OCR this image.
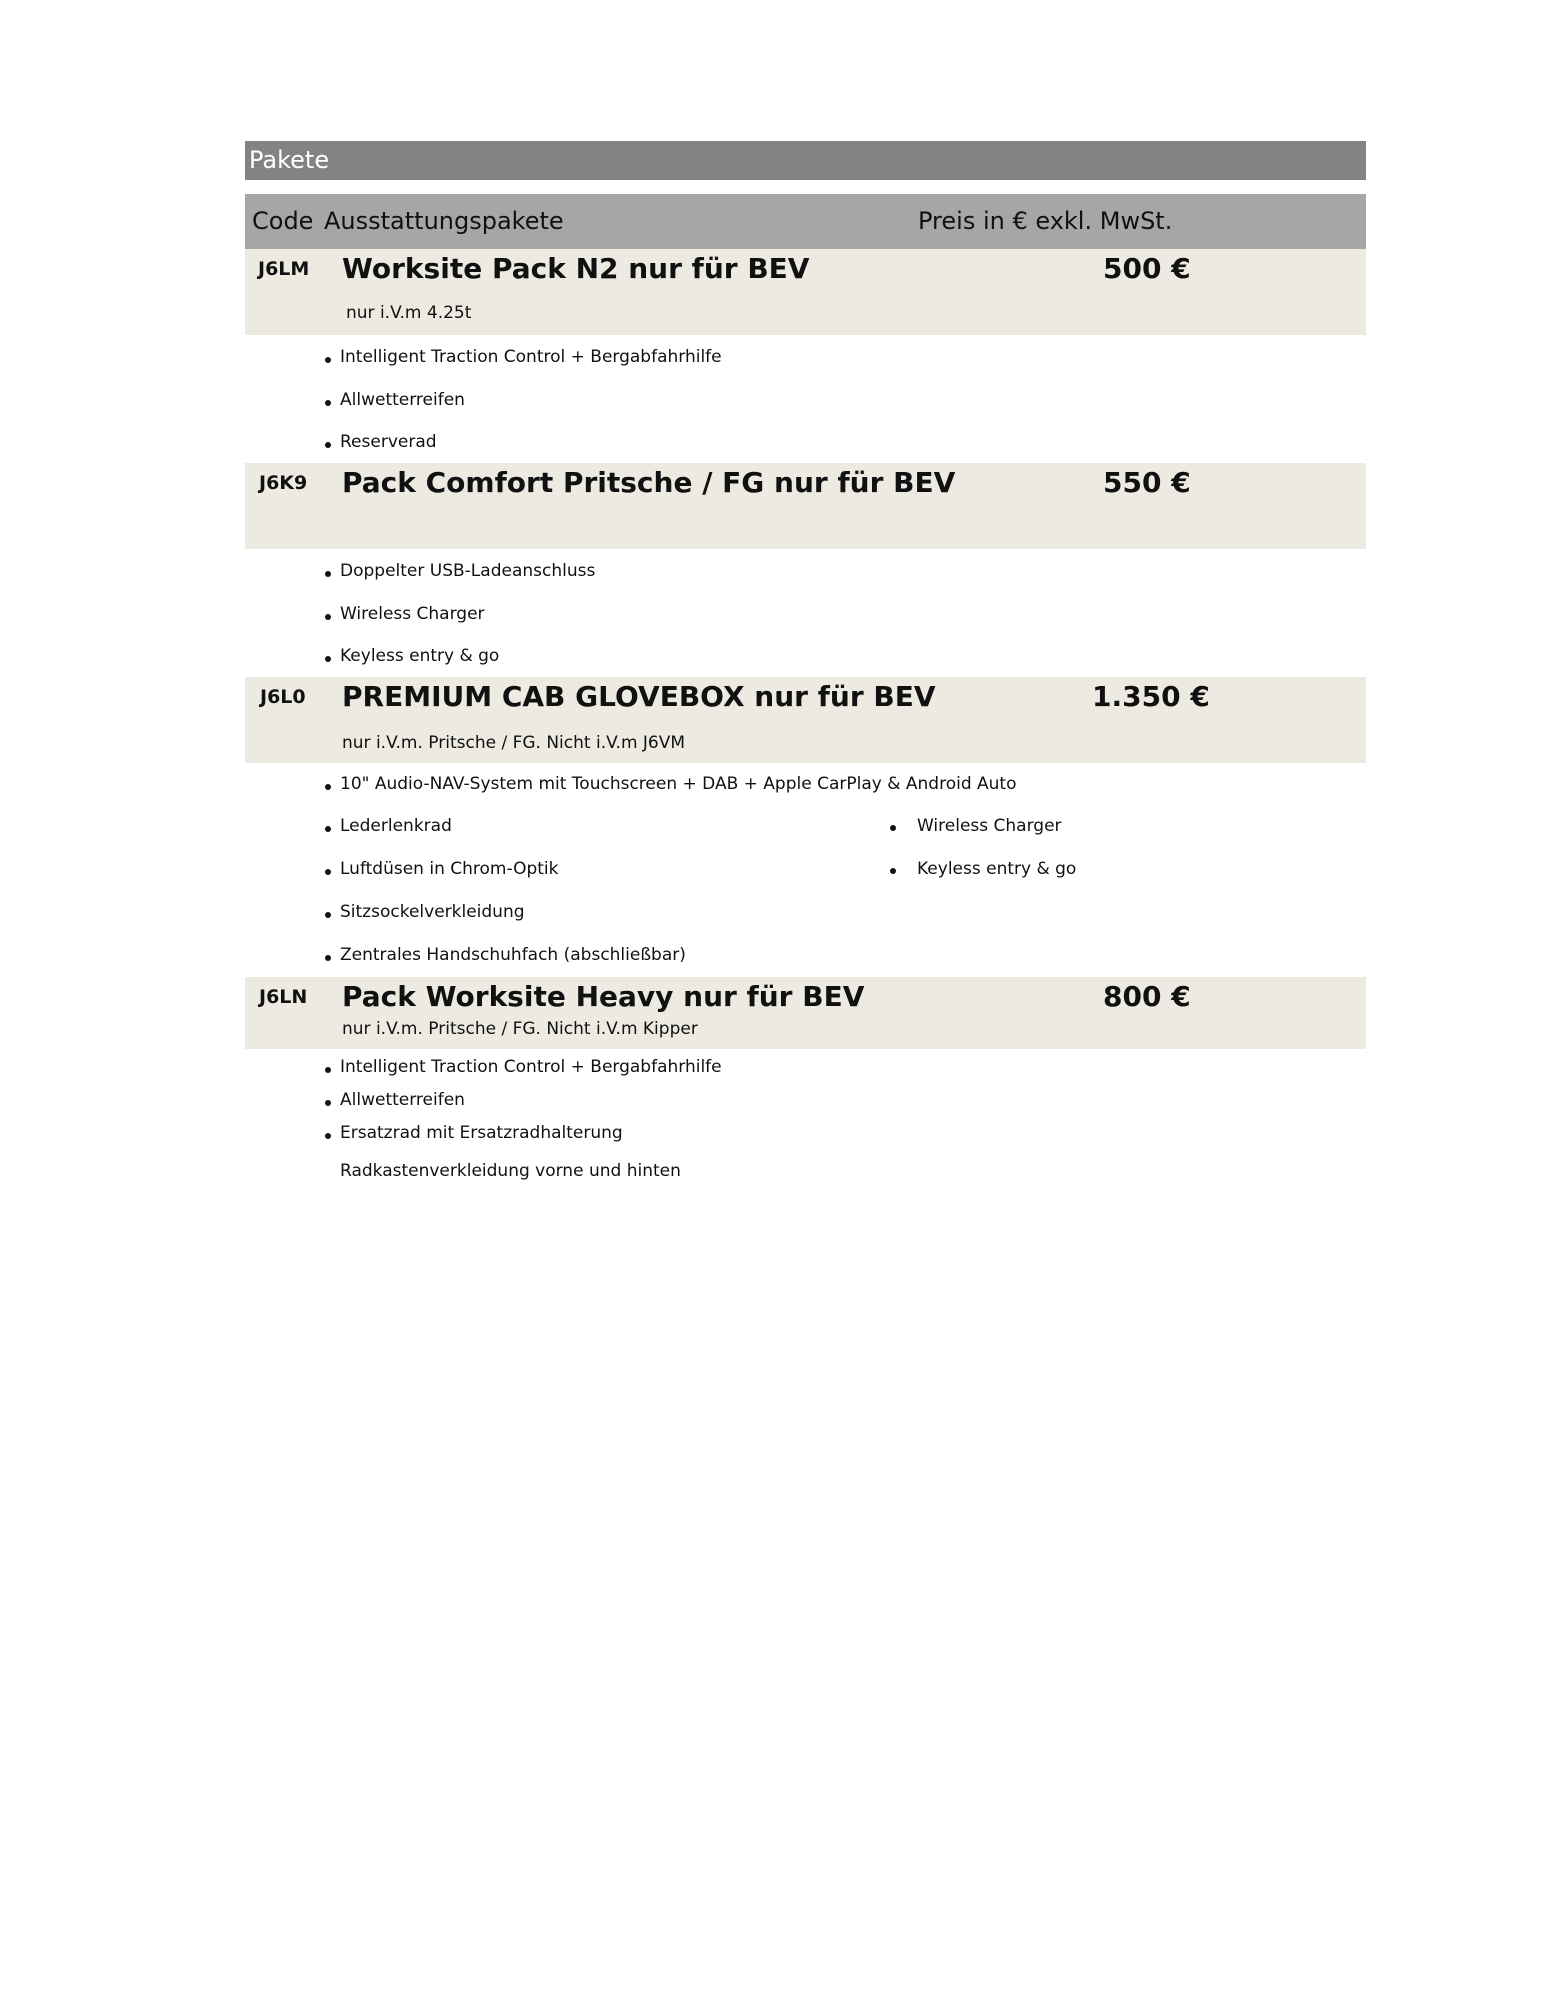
Pakete
Code Ausstattungspakete	Preis in € exkl. MwSt.
J6LM Worksite Pack N2 nur für BEV	500 €
nur i.V.m 4.25t
Intelligent Traction Control + Bergabfahrhilfe
Allwetterreifen
Reserverad
J6K9 Pack Comfort Pritsche / FG nur für BEV	550 €
Doppelter USB-Ladeanschluss
Wireless Charger
Keyless entry & go
J6L0 PREMIUM CAB GLOVEBOX nur für BEV	1.350 €
nur i.V.m. Pritsche / FG. Nicht i.V.m J6VM
10" Audio-NAV-System mit Touchscreen + DAB + Apple CarPlay & Android Auto
Lederlenkrad
Luftdüsen in Chrom-Optik
Sitzsockelverkleidung
Zentrales Handschuhfach (abschließbar)
Wireless Charger
Keyless entry & go
J6LN Pack Worksite Heavy nur für BEV	800 €
nur i.V.m. Pritsche / FG. Nicht i.V.m Kipper
Intelligent Traction Control + Bergabfahrhilfe
Allwetterreifen
Ersatzrad mit Ersatzradhalterung
Radkastenverkleidung vorne und hinten
